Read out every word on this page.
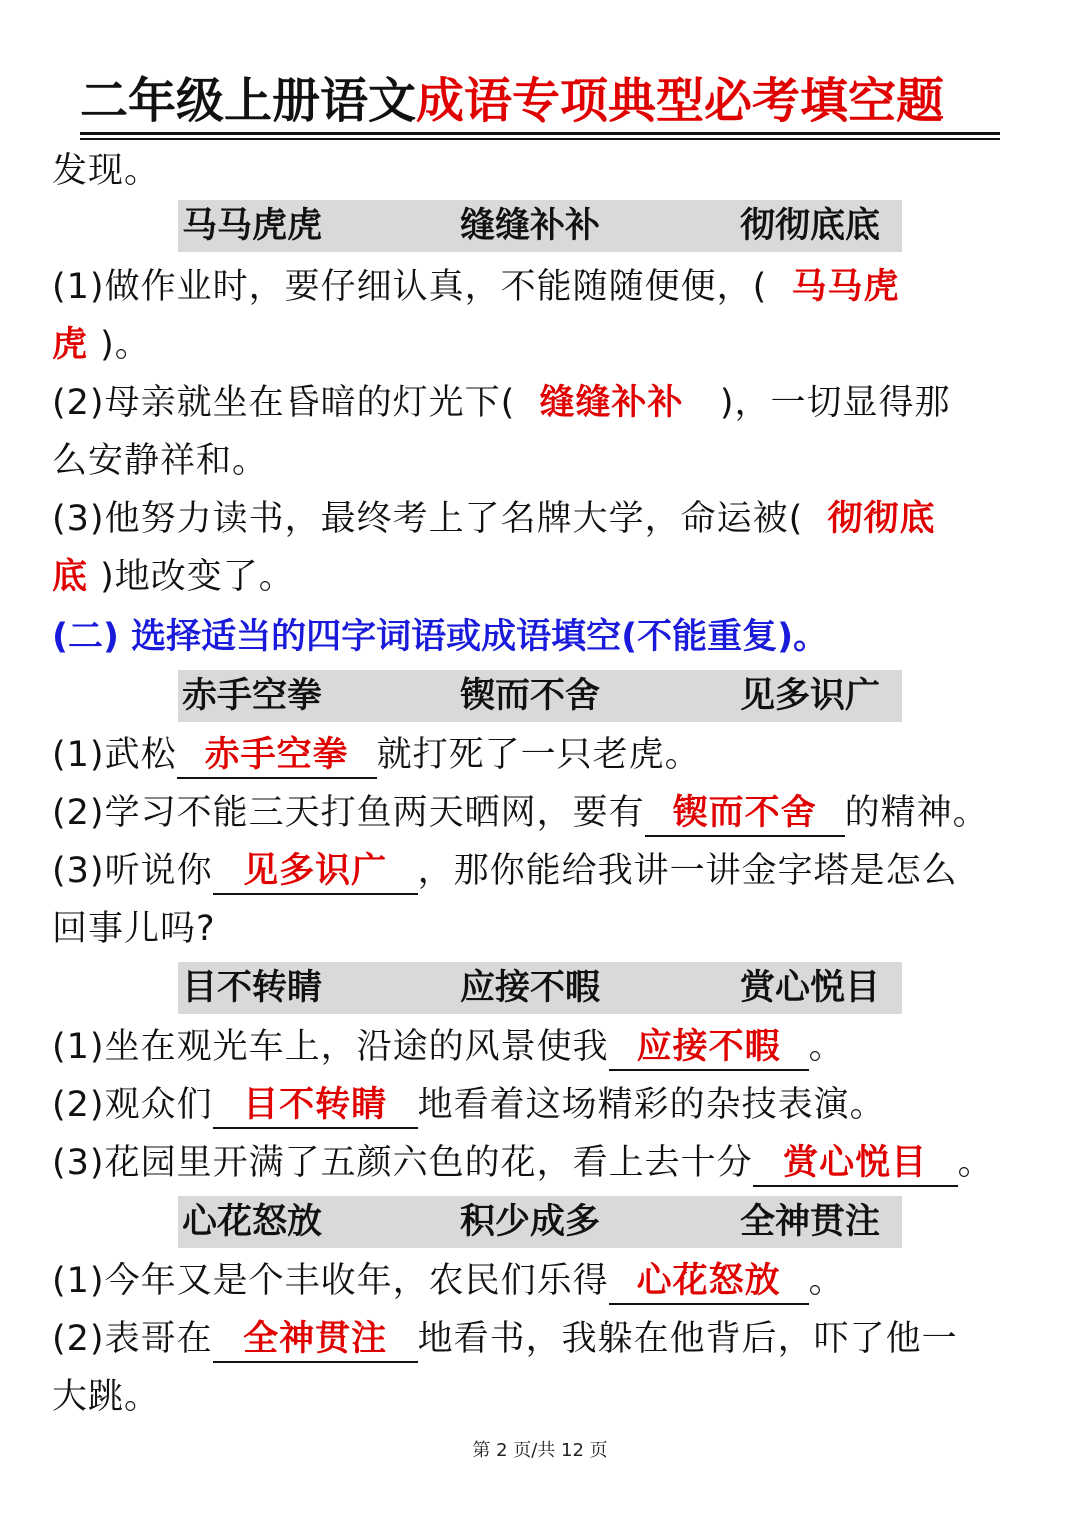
二年级上册语文成语专项典型必考填空题
发现。
马马虎虎	缝缝补补	彻彻底底
(1)做作业时，要仔细认真，不能随随便便，( 马马虎
虎 )。
(2)母亲就坐在昏暗的灯光下( 缝缝补补 )，一切显得那
么安静祥和。
(3)他努力读书，最终考上了名牌大学，命运被( 彻彻底
底 )地改变了。
(二) 选择适当的四字词语或成语填空(不能重复)。
赤手空拳	锲而不舍	见多识广
(1)武松 赤手空拳 就打死了一只老虎。
(2)学习不能三天打鱼两天晒网，要有 锲而不舍 的精神。
(3)听说你 见多识广 ，那你能给我讲一讲金字塔是怎么
回事儿吗?
目不转睛	应接不暇	赏心悦目
(1)坐在观光车上，沿途的风景使我 应接不暇 。
(2)观众们 目不转睛 地看着这场精彩的杂技表演。
(3)花园里开满了五颜六色的花，看上去十分 赏心悦目 。
心花怒放	积少成多	全神贯注
(1)今年又是个丰收年，农民们乐得 心花怒放 。
(2)表哥在 全神贯注 地看书，我躲在他背后，吓了他一
大跳。
第 2 页/共 12 页
